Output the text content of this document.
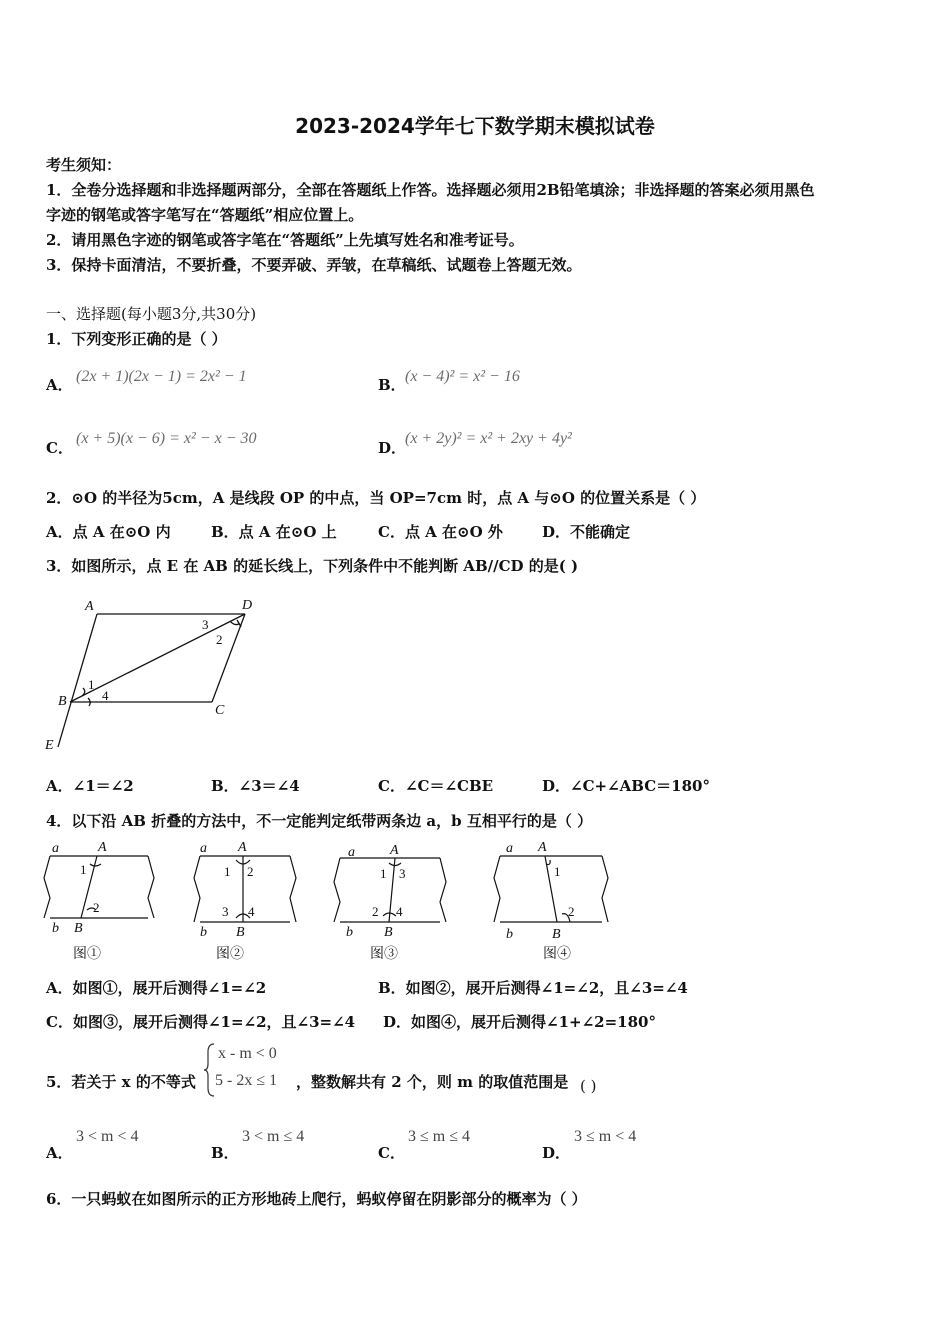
2023-2024学年七下数学期末模拟试卷
考生须知：
1．全卷分选择题和非选择题两部分，全部在答题纸上作答。选择题必须用2B铅笔填涂；非选择题的答案必须用黑色
字迹的钢笔或答字笔写在“答题纸”相应位置上。
2．请用黑色字迹的钢笔或答字笔在“答题纸”上先填写姓名和准考证号。
3．保持卡面清洁，不要折叠，不要弄破、弄皱，在草稿纸、试题卷上答题无效。
一、选择题(每小题3分,共30分)
1．下列变形正确的是（ ）
A． (2x + 1)(2x − 1) = 2x² − 1	B． (x − 4)² = x² − 16
C．
(x + 5)(x − 6) = x² − x − 30
D．
(x + 2y)² = x² + 2xy + 4y²
2．⊙O 的半径为5cm，A 是线段 OP 的中点，当 OP=7cm 时，点 A 与⊙O 的位置关系是（ ）
A．点 A 在⊙O 内	B．点 A 在⊙O 上	C．点 A 在⊙O 外	D．不能确定
3．如图所示，点 E 在 AB 的延长线上，下列条件中不能判断 AB//CD 的是( )
A	D
B
C
E
1
2
3
4
A．∠1＝∠2	B．∠3＝∠4	C．∠C＝∠CBE	D．∠C+∠ABC＝180°
4．以下沿 AB 折叠的方法中，不一定能判定纸带两条边 a，b 互相平行的是（ ）
a	A
b B
a A
b B
a	A
b B
a A
b	B
1
2
1 2
3 4
1 3
2 4
1
2
图①	图②	图③	图④
A．如图①，展开后测得∠1=∠2	B．如图②，展开后测得∠1=∠2，且∠3=∠4
C．如图③，展开后测得∠1=∠2，且∠3=∠4 D．如图④，展开后测得∠1+∠2=180°
5．若关于 x 的不等式
x - m < 0
5 - 2x ≤ 1 ，整数解共有 2 个，则 m 的取值范围是 ( )
A．
3 < m < 4
B．
3 < m ≤ 4
C．
3 ≤ m ≤ 4
D．
3 ≤ m < 4
6．一只蚂蚁在如图所示的正方形地砖上爬行，蚂蚁停留在阴影部分的概率为（ ）
